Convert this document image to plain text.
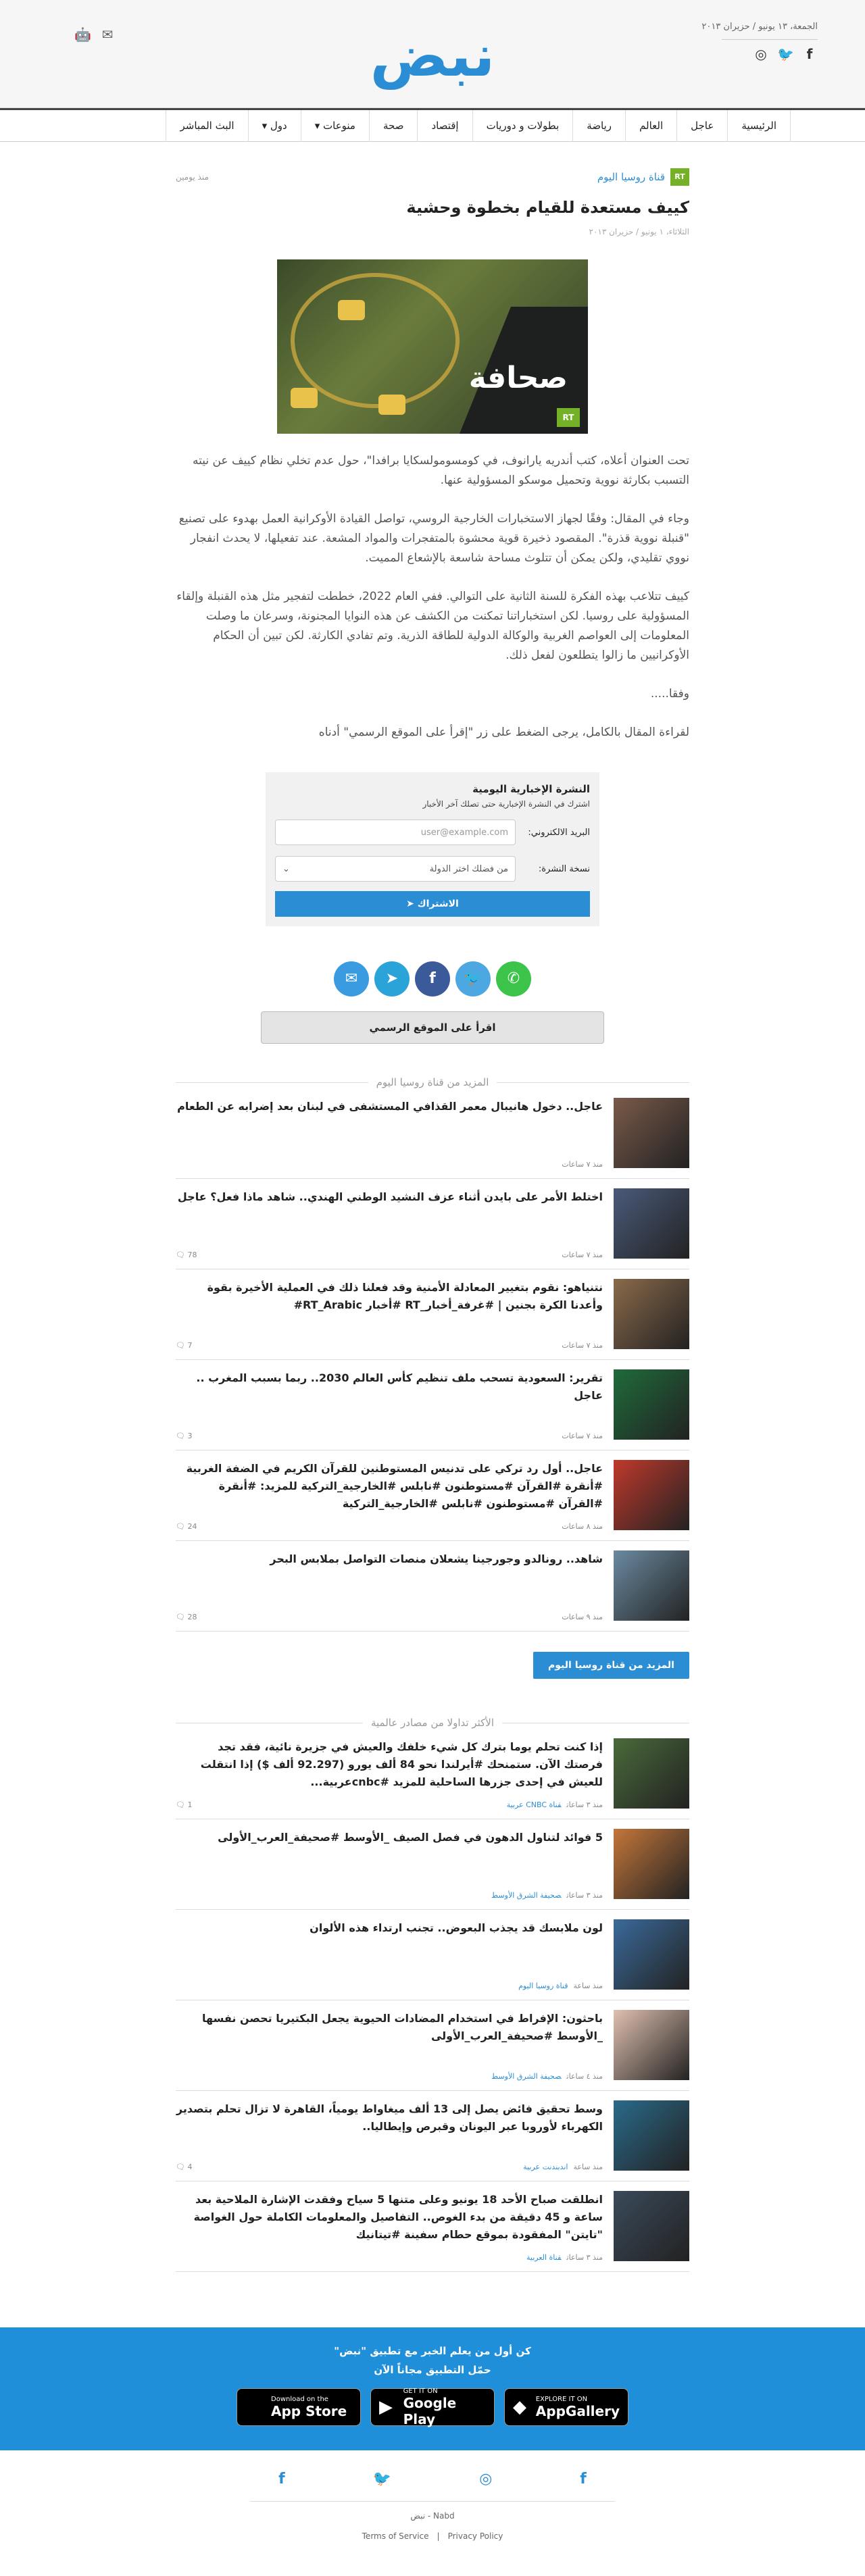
الجمعة، ١٣ يونيو / حزيران ٢٠١٣
◎ 🐦 f
نبض
🤖 ✉
الرئيسية
عاجل
العالم
رياضة
بطولات و دوريات
إقتصاد
صحة
منوعات ▾
دول ▾
البث المباشر
RT
قناة روسيا اليوم
منذ يومين
كييف مستعدة للقيام بخطوة وحشية
الثلاثاء، ١ يونيو / حزيران ٢٠١٣
صحافة
RT

تحت العنوان أعلاه، كتب أندريه يارانوف، في كومسومولسكايا برافدا"، حول عدم تخلي نظام كييف عن نيته التسبب بكارثة نووية وتحميل موسكو المسؤولية عنها.

وجاء في المقال: وفقًا لجهاز الاستخبارات الخارجية الروسي، تواصل القيادة الأوكرانية العمل بهدوء على تصنيع "قنبلة نووية قذرة". المقصود ذخيرة قوية محشوة بالمتفجرات والمواد المشعة. عند تفعيلها، لا يحدث انفجار نووي تقليدي، ولكن يمكن أن تتلوث مساحة شاسعة بالإشعاع المميت.

كييف تتلاعب بهذه الفكرة للسنة الثانية على التوالي. ففي العام 2022، خططت لتفجير مثل هذه القنبلة وإلقاء المسؤولية على روسيا. لكن استخباراتنا تمكنت من الكشف عن هذه النوايا المجنونة، وسرعان ما وصلت المعلومات إلى العواصم الغربية والوكالة الدولية للطاقة الذرية. وتم تفادي الكارثة. لكن تبين أن الحكام الأوكرانيين ما زالوا يتطلعون لفعل ذلك.

وفقا.....

لقراءة المقال بالكامل، يرجى الضغط على زر "إقرأ على الموقع الرسمي" أدناه

النشرة الإخبارية اليومية
اشترك في النشرة الإخبارية حتى تصلك آخر الأخبار
البريد الالكتروني:
user@example.com
نسخة النشرة:
من فضلك اختر الدولة
⌄
الاشتراك ➤
✉	➤	f	🐦	✆
اقرأ على الموقع الرسمي
المزيد من قناة روسيا اليوم
عاجل.. دخول هانيبال معمر القذافي المستشفى في لبنان بعد إضرابه عن الطعام
منذ ٧ ساعات
اختلط الأمر على بايدن أثناء عزف النشيد الوطني الهندي.. شاهد ماذا فعل؟ عاجل
🗨 78	منذ ٧ ساعات
نتنياهو: نقوم بتغيير المعادلة الأمنية وقد فعلنا ذلك في العملية الأخيرة بقوة وأعدنا الكرة بجنين | #غرفة_أخبار_RT #أخبار RT_Arabic#
🗨 7	منذ ٧ ساعات
تقرير: السعودية تسحب ملف تنظيم كأس العالم 2030.. ربما بسبب المغرب .. عاجل
🗨 3	منذ ٧ ساعات
عاجل.. أول رد تركي على تدنيس المستوطنين للقرآن الكريم في الضفة الغربية #أنقرة #القرآن #مستوطنون #نابلس #الخارجية_التركية للمزيد: #أنقرة #القرآن #مستوطنون #نابلس #الخارجية_التركية
🗨 24	منذ ٨ ساعات
شاهد.. رونالدو وجورجينا يشعلان منصات التواصل بملابس البحر
🗨 28	منذ ٩ ساعات
المزيد من قناة روسيا اليوم
الأكثر تداولا من مصادر عالمية
إذا كنت تحلم يوما بترك كل شيء خلفك والعيش في جزيرة نائية، فقد تجد فرصتك الآن. ستمنحك #أيرلندا نحو 84 ألف يورو (92.297 ألف $) إذا انتقلت للعيش في إحدى جزرها الساحلية للمزيد #cnbcعربية...
🗨 1	منذ ٣ ساعاتقناة CNBC عربية
5 فوائد لتناول الدهون في فصل الصيف _الأوسط #صحيفة_العرب_الأولى
منذ ٣ ساعاتصحيفة الشرق الأوسط
لون ملابسك قد يجذب البعوض.. تجنب ارتداء هذه الألوان
منذ ساعةقناة روسيا اليوم
باحثون: الإفراط في استخدام المضادات الحيوية يجعل البكتيريا تحصن نفسها _الأوسط #صحيفة_العرب_الأولى
منذ ٤ ساعاتصحيفة الشرق الأوسط
وسط تحقيق فائض يصل إلى 13 ألف ميغاواط يومياً، القاهرة لا تزال تحلم بتصدير الكهرباء لأوروبا عبر اليونان وقبرص وإيطاليا..
🗨 4	منذ ساعةاندبندنت عربية
انطلقت صباح الأحد 18 يونيو وعلى متنها 5 سياح وفقدت الإشارة الملاحية بعد ساعة و 45 دقيقة من بدء الغوص.. التفاصيل والمعلومات الكاملة حول الغواصة "تايتن" المفقودة بموقع حطام سفينة #تيتانيك
منذ ٣ ساعاتقناة العربية
كن أول من يعلم الخبر مع تطبيق "نبض"
حمّل التطبيق مجاناً الآن
Download on the
App Store ▶
GET IT ON
Google Play
◆	EXPLORE IT ON
AppGallery
f	🐦	◎	f
Nabd - نبض
Terms of Service | Privacy Policy
